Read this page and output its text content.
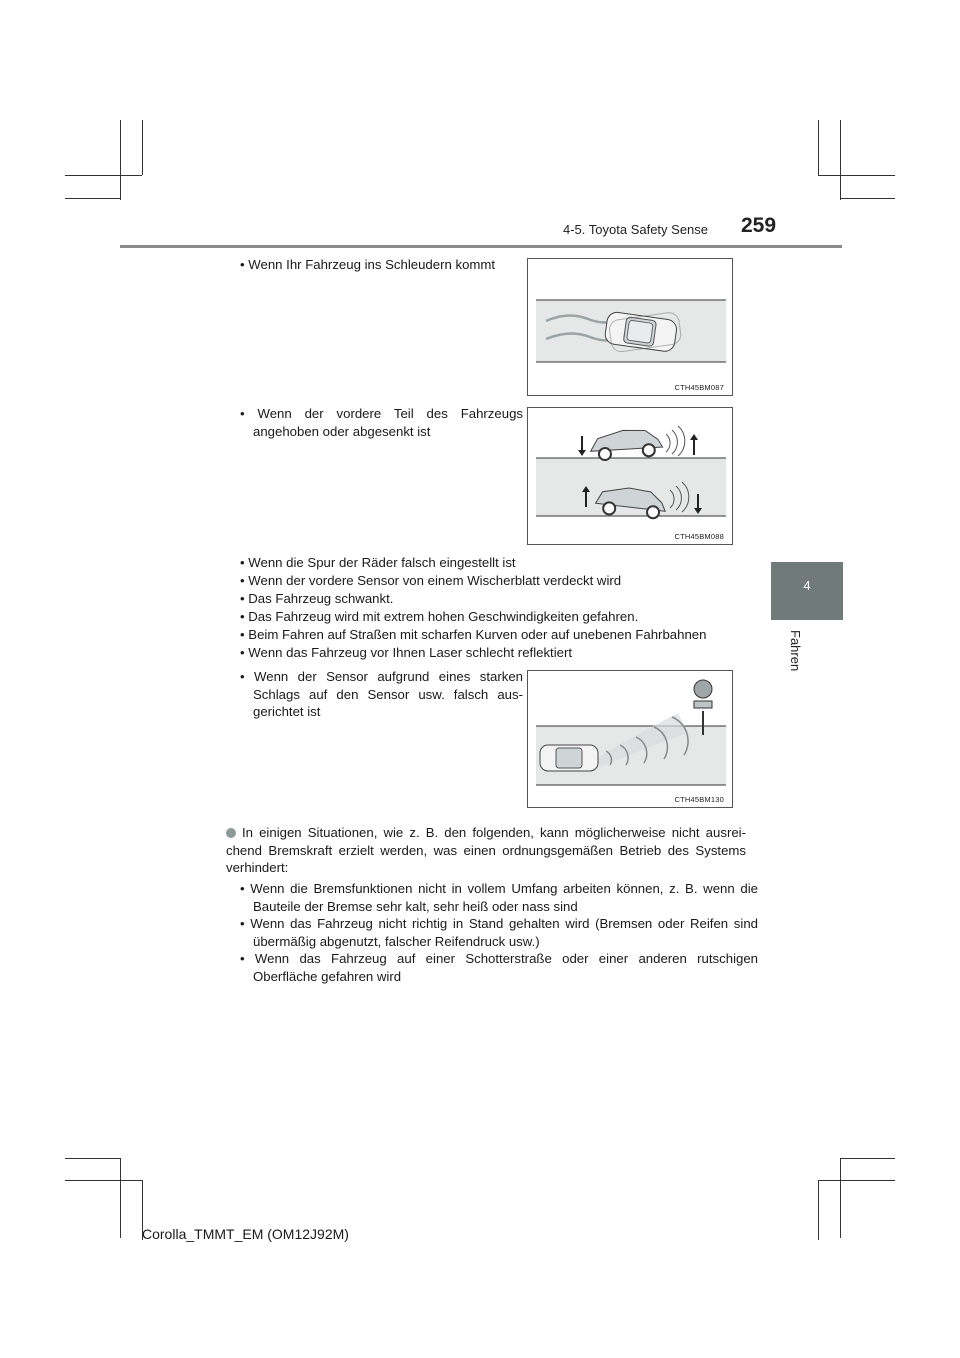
4-5. Toyota Safety Sense 259
4
Fahren
• Wenn Ihr Fahrzeug ins Schleudern kommt
CTH45BM087
• Wenn der vordere Teil des Fahrzeugs angehoben oder abgesenkt ist
CTH45BM088
• Wenn die Spur der Räder falsch eingestellt ist
• Wenn der vordere Sensor von einem Wischerblatt verdeckt wird
• Das Fahrzeug schwankt.
• Das Fahrzeug wird mit extrem hohen Geschwindigkeiten gefahren.
• Beim Fahren auf Straßen mit scharfen Kurven oder auf unebenen Fahrbahnen
• Wenn das Fahrzeug vor Ihnen Laser schlecht reflektiert
• Wenn der Sensor aufgrund eines starken Schlags auf den Sensor usw. falsch aus-gerichtet ist
CTH45BM130
In einigen Situationen, wie z. B. den folgenden, kann möglicherweise nicht ausrei-chend Bremskraft erzielt werden, was einen ordnungsgemäßen Betrieb des Systems verhindert:
• Wenn die Bremsfunktionen nicht in vollem Umfang arbeiten können, z. B. wenn die Bauteile der Bremse sehr kalt, sehr heiß oder nass sind
• Wenn das Fahrzeug nicht richtig in Stand gehalten wird (Bremsen oder Reifen sind übermäßig abgenutzt, falscher Reifendruck usw.)
• Wenn das Fahrzeug auf einer Schotterstraße oder einer anderen rutschigen Oberfläche gefahren wird
Corolla_TMMT_EM (OM12J92M)
